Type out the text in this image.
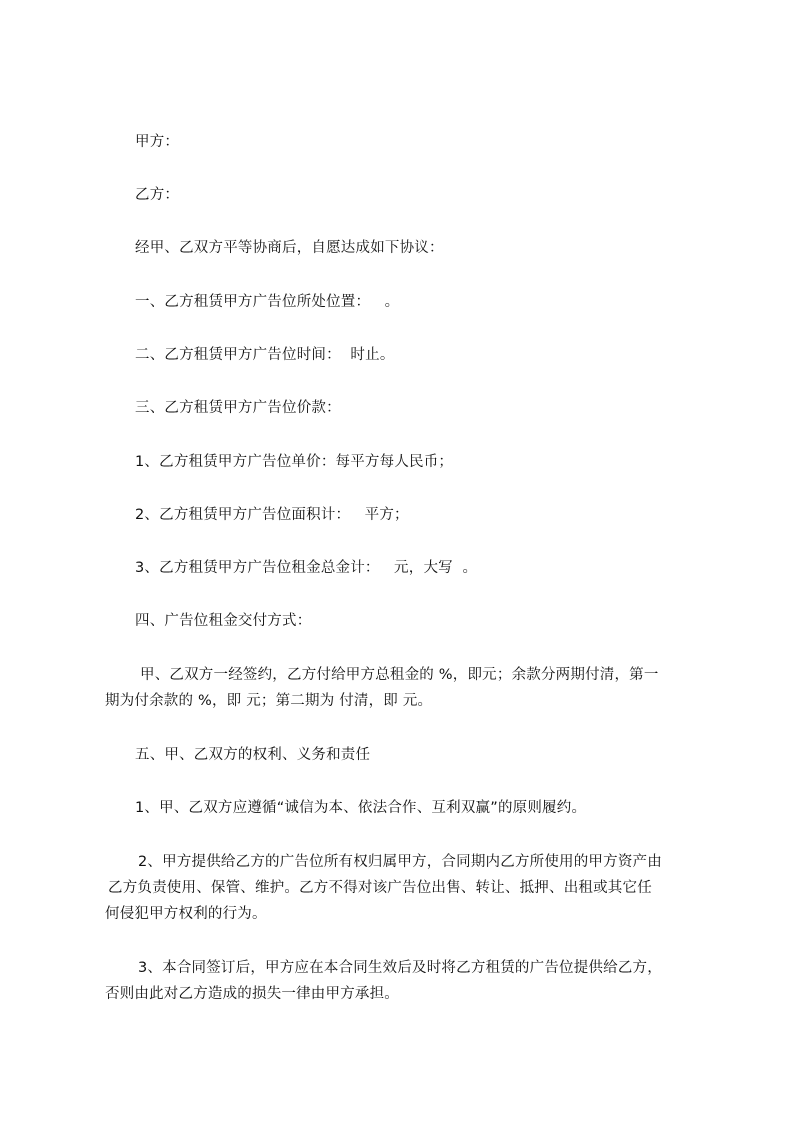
甲方：
乙方：
经甲、乙双方平等协商后，自愿达成如下协议：
一、乙方租赁甲方广告位所处位置：   。
二、乙方租赁甲方广告位时间：  时止。
三、乙方租赁甲方广告位价款：
1、乙方租赁甲方广告位单价：每平方每人民币；
2、乙方租赁甲方广告位面积计：   平方；
3、乙方租赁甲方广告位租金总金计：   元，大写  。
四、广告位租金交付方式：
甲、乙双方一经签约，乙方付给甲方总租金的 %，即元；余款分两期付清，第一
期为付余款的 %，即 元；第二期为 付清，即 元。
五、甲、乙双方的权利、义务和责任
1、甲、乙双方应遵循“诚信为本、依法合作、互利双赢”的原则履约。
2、甲方提供给乙方的广告位所有权归属甲方，合同期内乙方所使用的甲方资产由
乙方负责使用、保管、维护。乙方不得对该广告位出售、转让、抵押、出租或其它任
何侵犯甲方权利的行为。
3、本合同签订后，甲方应在本合同生效后及时将乙方租赁的广告位提供给乙方，
否则由此对乙方造成的损失一律由甲方承担。
